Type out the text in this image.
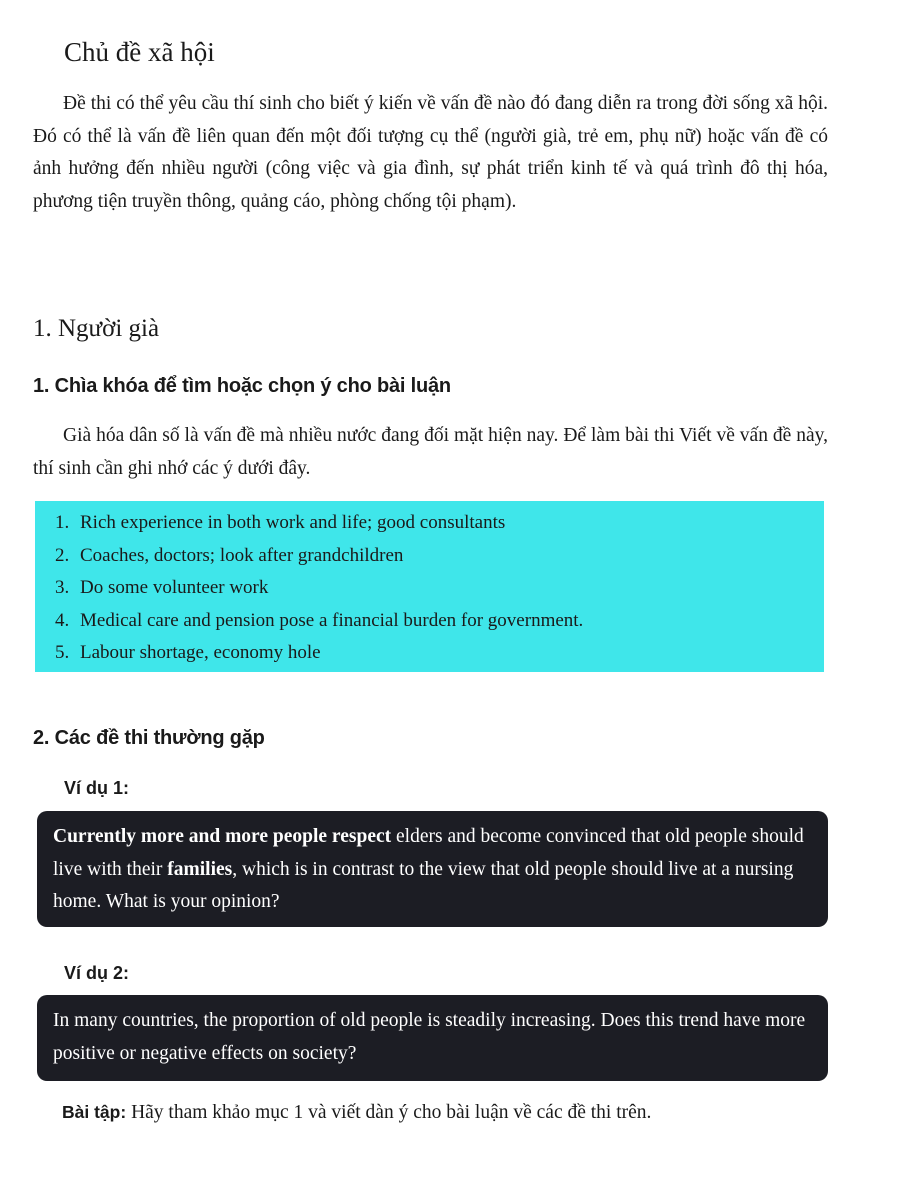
Chủ đề xã hội

Đề thi có thể yêu cầu thí sinh cho biết ý kiến về vấn đề nào đó đang diễn ra trong đời sống xã hội. Đó có thể là vấn đề liên quan đến một đối tượng cụ thể (người già, trẻ em, phụ nữ) hoặc vấn đề có ảnh hưởng đến nhiều người (công việc và gia đình, sự phát triển kinh tế và quá trình đô thị hóa, phương tiện truyền thông, quảng cáo, phòng chống tội phạm).

1. Người già
1. Chìa khóa để tìm hoặc chọn ý cho bài luận

Già hóa dân số là vấn đề mà nhiều nước đang đối mặt hiện nay. Để làm bài thi Viết về vấn đề này, thí sinh cần ghi nhớ các ý dưới đây.

1. Rich experience in both work and life; good consultants
2. Coaches, doctors; look after grandchildren
3. Do some volunteer work
4. Medical care and pension pose a financial burden for government.
5. Labour shortage, economy hole
2. Các đề thi thường gặp

Ví dụ 1:

Currently more and more people respect elders and become convinced that old people should live with their families, which is in contrast to the view that old people should live at a nursing home. What is your opinion?

Ví dụ 2:

In many countries, the proportion of old people is steadily increasing. Does this trend have more positive or negative effects on society?

Bài tập: Hãy tham khảo mục 1 và viết dàn ý cho bài luận về các đề thi trên.
